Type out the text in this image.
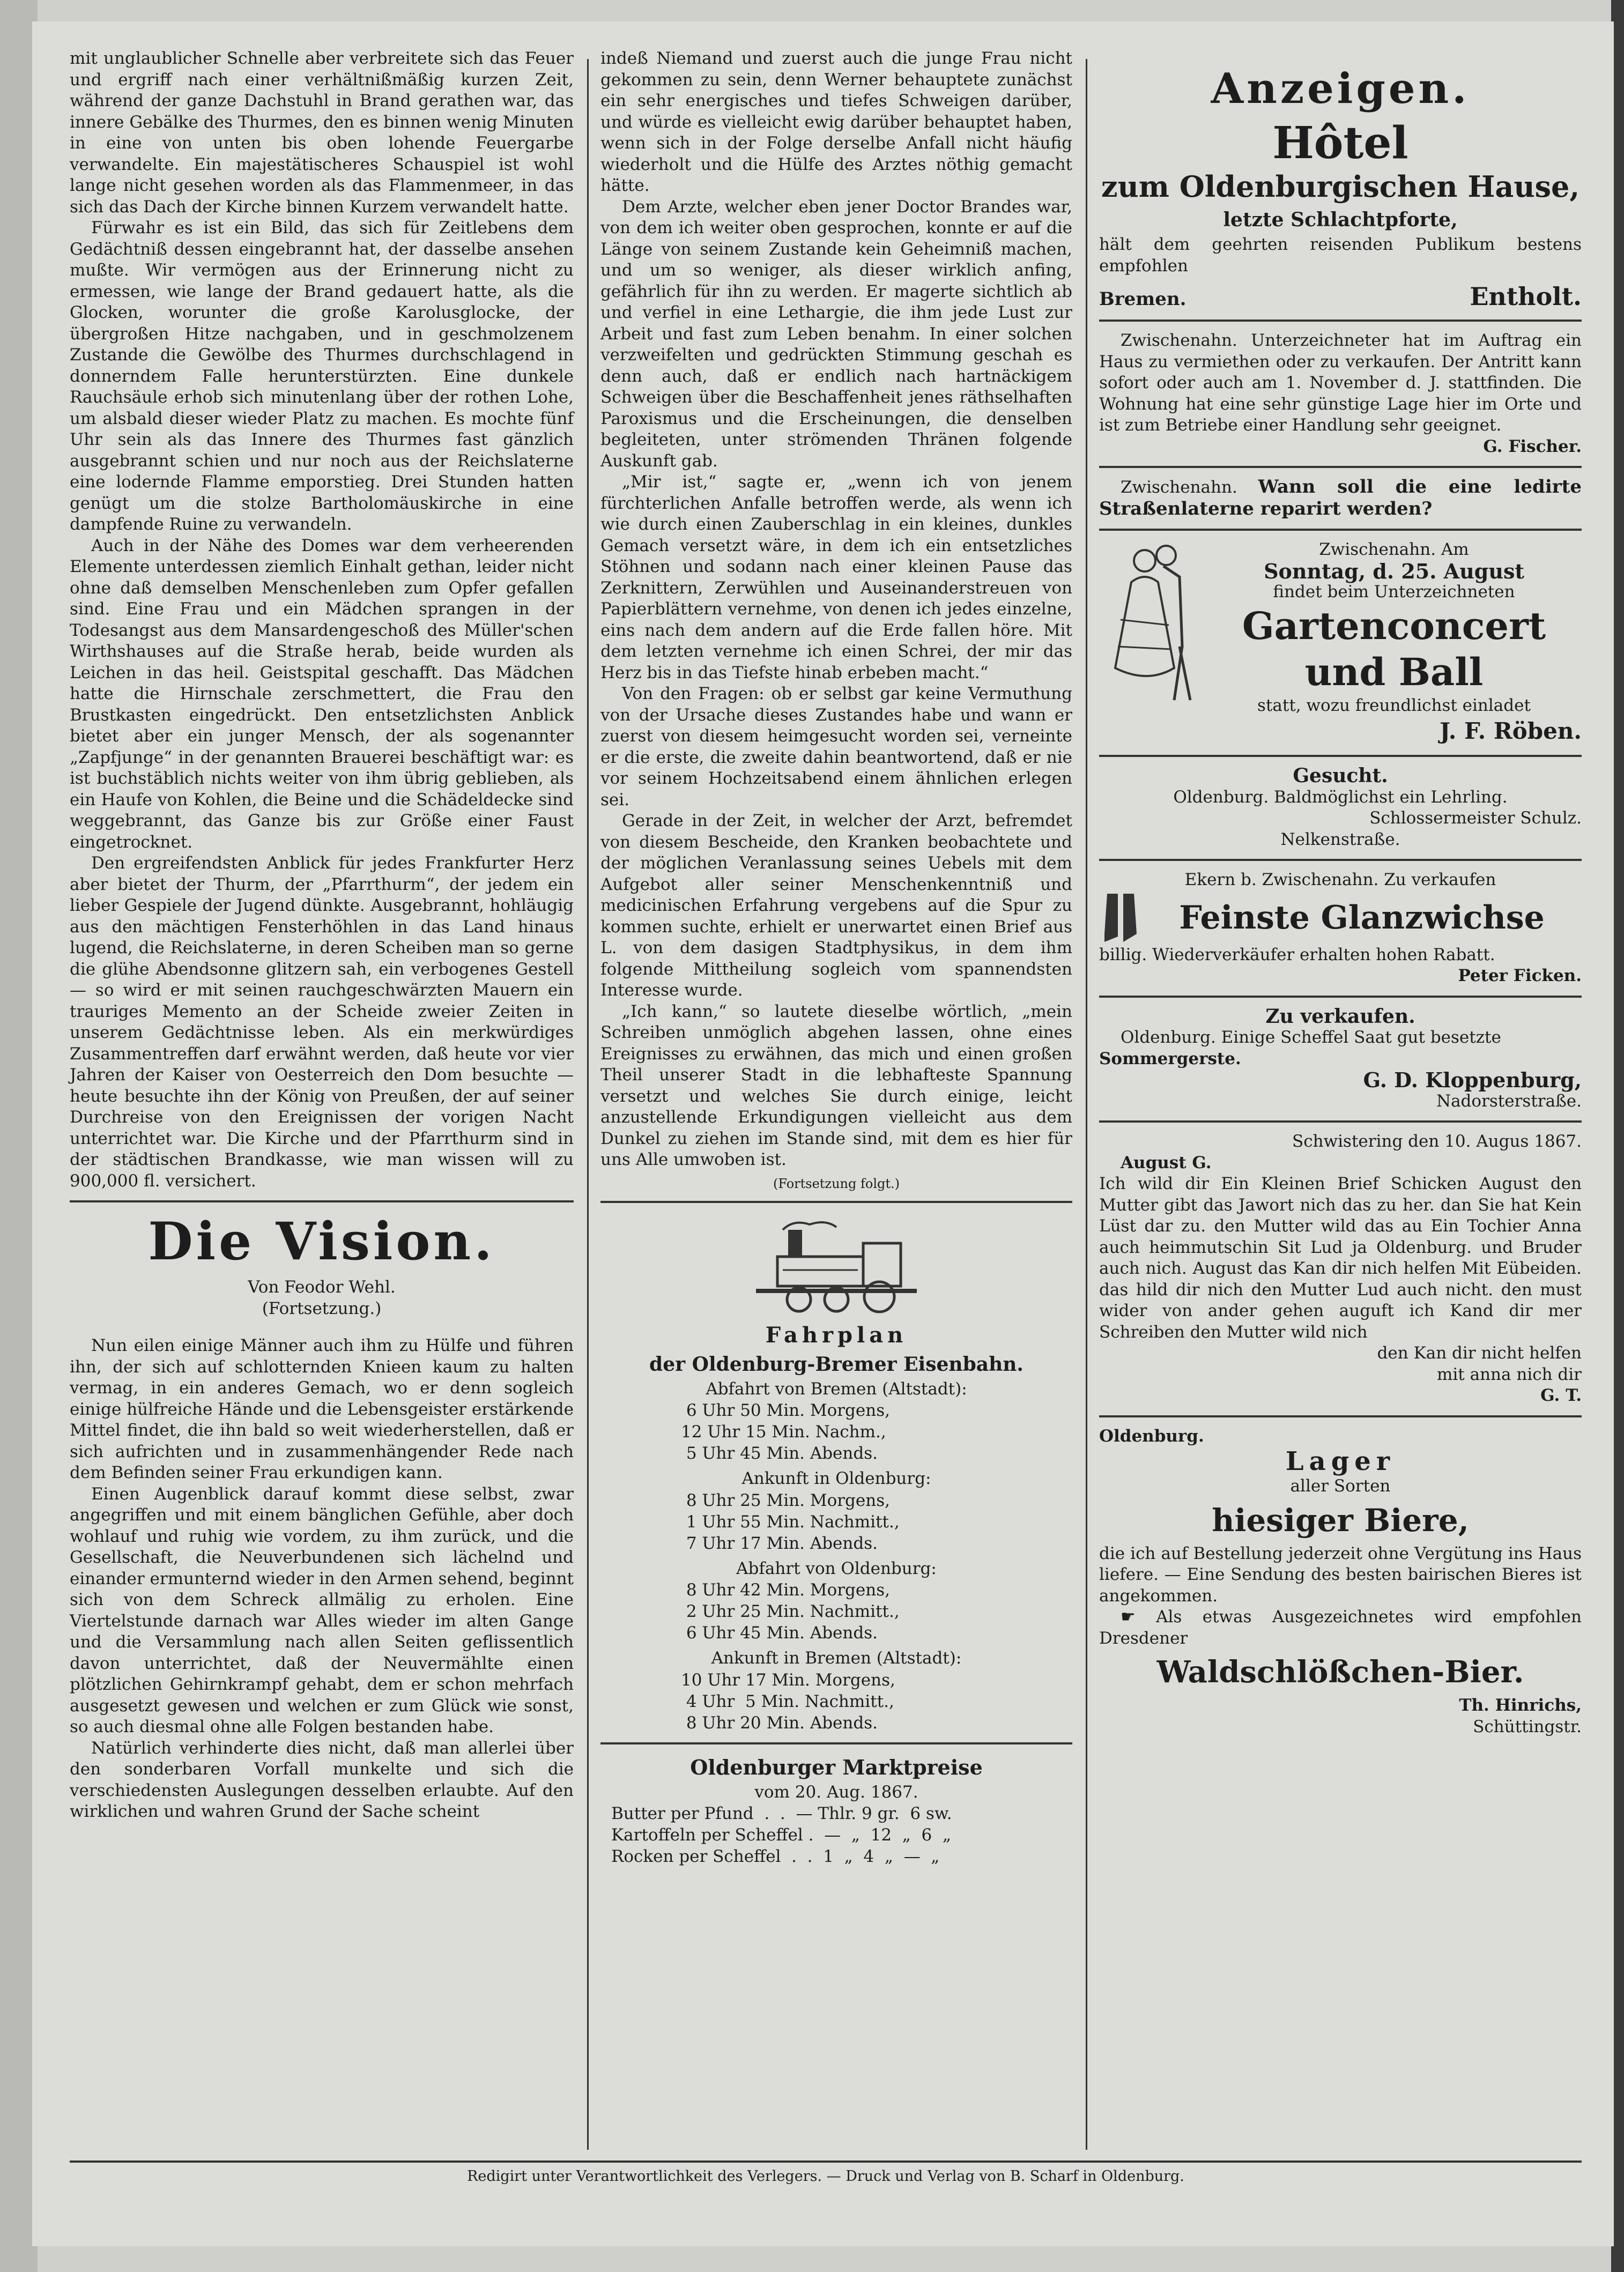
mit unglaublicher Schnelle aber verbreitete sich das Feuer und ergriff nach einer verhältnißmäßig kurzen Zeit, während der ganze Dachstuhl in Brand gerathen war, das innere Gebälke des Thurmes, den es binnen wenig Minuten in eine von unten bis oben lohende Feuergarbe verwandelte. Ein majestätischeres Schauspiel ist wohl lange nicht gesehen worden als das Flammenmeer, in das sich das Dach der Kirche binnen Kurzem verwandelt hatte.

Fürwahr es ist ein Bild, das sich für Zeitlebens dem Gedächtniß dessen eingebrannt hat, der dasselbe ansehen mußte. Wir vermögen aus der Erinnerung nicht zu ermessen, wie lange der Brand gedauert hatte, als die Glocken, worunter die große Karolusglocke, der übergroßen Hitze nachgaben, und in geschmolzenem Zustande die Gewölbe des Thurmes durchschlagend in donnerndem Falle herunterstürzten. Eine dunkele Rauchsäule erhob sich minutenlang über der rothen Lohe, um alsbald dieser wieder Platz zu machen. Es mochte fünf Uhr sein als das Innere des Thurmes fast gänzlich ausgebrannt schien und nur noch aus der Reichslaterne eine lodernde Flamme emporstieg. Drei Stunden hatten genügt um die stolze Bartholomäuskirche in eine dampfende Ruine zu verwandeln.

Auch in der Nähe des Domes war dem verheerenden Elemente unterdessen ziemlich Einhalt gethan, leider nicht ohne daß demselben Menschenleben zum Opfer gefallen sind. Eine Frau und ein Mädchen sprangen in der Todesangst aus dem Mansardengeschoß des Müller'schen Wirthshauses auf die Straße herab, beide wurden als Leichen in das heil. Geistspital geschafft. Das Mädchen hatte die Hirnschale zerschmettert, die Frau den Brustkasten eingedrückt. Den entsetzlichsten Anblick bietet aber ein junger Mensch, der als sogenannter „Zapfjunge“ in der genannten Brauerei beschäftigt war: es ist buchstäblich nichts weiter von ihm übrig geblieben, als ein Haufe von Kohlen, die Beine und die Schädeldecke sind weggebrannt, das Ganze bis zur Größe einer Faust eingetrocknet.

Den ergreifendsten Anblick für jedes Frankfurter Herz aber bietet der Thurm, der „Pfarrthurm“, der jedem ein lieber Gespiele der Jugend dünkte. Ausgebrannt, hohläugig aus den mächtigen Fensterhöhlen in das Land hinaus lugend, die Reichslaterne, in deren Scheiben man so gerne die glühe Abendsonne glitzern sah, ein verbogenes Gestell — so wird er mit seinen rauchgeschwärzten Mauern ein trauriges Memento an der Scheide zweier Zeiten in unserem Gedächtnisse leben. Als ein merkwürdiges Zusammentreffen darf erwähnt werden, daß heute vor vier Jahren der Kaiser von Oesterreich den Dom besuchte — heute besuchte ihn der König von Preußen, der auf seiner Durchreise von den Ereignissen der vorigen Nacht unterrichtet war. Die Kirche und der Pfarrthurm sind in der städtischen Brandkasse, wie man wissen will zu 900,000 fl. versichert.

Die Vision.

Von Feodor Wehl.

(Fortsetzung.)

Nun eilen einige Männer auch ihm zu Hülfe und führen ihn, der sich auf schlotternden Knieen kaum zu halten vermag, in ein anderes Gemach, wo er denn sogleich einige hülfreiche Hände und die Lebensgeister erstärkende Mittel findet, die ihn bald so weit wiederherstellen, daß er sich aufrichten und in zusammenhängender Rede nach dem Befinden seiner Frau erkundigen kann.

Einen Augenblick darauf kommt diese selbst, zwar angegriffen und mit einem bänglichen Gefühle, aber doch wohlauf und ruhig wie vordem, zu ihm zurück, und die Gesellschaft, die Neuverbundenen sich lächelnd und einander ermunternd wieder in den Armen sehend, beginnt sich von dem Schreck allmälig zu erholen. Eine Viertelstunde darnach war Alles wieder im alten Gange und die Versammlung nach allen Seiten geflissentlich davon unterrichtet, daß der Neuvermählte einen plötzlichen Gehirnkrampf gehabt, dem er schon mehrfach ausgesetzt gewesen und welchen er zum Glück wie sonst, so auch diesmal ohne alle Folgen bestanden habe.

Natürlich verhinderte dies nicht, daß man allerlei über den sonderbaren Vorfall munkelte und sich die verschiedensten Auslegungen desselben erlaubte. Auf den wirklichen und wahren Grund der Sache scheint

indeß Niemand und zuerst auch die junge Frau nicht gekommen zu sein, denn Werner behauptete zunächst ein sehr energisches und tiefes Schweigen darüber, und würde es vielleicht ewig darüber behauptet haben, wenn sich in der Folge derselbe Anfall nicht häufig wiederholt und die Hülfe des Arztes nöthig gemacht hätte.

Dem Arzte, welcher eben jener Doctor Brandes war, von dem ich weiter oben gesprochen, konnte er auf die Länge von seinem Zustande kein Geheimniß machen, und um so weniger, als dieser wirklich anfing, gefährlich für ihn zu werden. Er magerte sichtlich ab und verfiel in eine Lethargie, die ihm jede Lust zur Arbeit und fast zum Leben benahm. In einer solchen verzweifelten und gedrückten Stimmung geschah es denn auch, daß er endlich nach hartnäckigem Schweigen über die Beschaffenheit jenes räthselhaften Paroxismus und die Erscheinungen, die denselben begleiteten, unter strömenden Thränen folgende Auskunft gab.

„Mir ist,“ sagte er, „wenn ich von jenem fürchterlichen Anfalle betroffen werde, als wenn ich wie durch einen Zauberschlag in ein kleines, dunkles Gemach versetzt wäre, in dem ich ein entsetzliches Stöhnen und sodann nach einer kleinen Pause das Zerknittern, Zerwühlen und Auseinanderstreuen von Papierblättern vernehme, von denen ich jedes einzelne, eins nach dem andern auf die Erde fallen höre. Mit dem letzten vernehme ich einen Schrei, der mir das Herz bis in das Tiefste hinab erbeben macht.“

Von den Fragen: ob er selbst gar keine Vermuthung von der Ursache dieses Zustandes habe und wann er zuerst von diesem heimgesucht worden sei, verneinte er die erste, die zweite dahin beantwortend, daß er nie vor seinem Hochzeitsabend einem ähnlichen erlegen sei.

Gerade in der Zeit, in welcher der Arzt, befremdet von diesem Bescheide, den Kranken beobachtete und der möglichen Veranlassung seines Uebels mit dem Aufgebot aller seiner Menschenkenntniß und medicinischen Erfahrung vergebens auf die Spur zu kommen suchte, erhielt er unerwartet einen Brief aus L. von dem dasigen Stadtphysikus, in dem ihm folgende Mittheilung sogleich vom spannendsten Interesse wurde.

„Ich kann,“ so lautete dieselbe wörtlich, „mein Schreiben unmöglich abgehen lassen, ohne eines Ereignisses zu erwähnen, das mich und einen großen Theil unserer Stadt in die lebhafteste Spannung versetzt und welches Sie durch einige, leicht anzustellende Erkundigungen vielleicht aus dem Dunkel zu ziehen im Stande sind, mit dem es hier für uns Alle umwoben ist.

(Fortsetzung folgt.)

Fahrplan
der Oldenburg-Bremer Eisenbahn.

Abfahrt von Bremen (Altstadt):

6 Uhr 50 Min. Morgens,
12 Uhr 15 Min. Nachm.,
5 Uhr 45 Min. Abends.

Ankunft in Oldenburg:

8 Uhr 25 Min. Morgens,
1 Uhr 55 Min. Nachmitt.,
7 Uhr 17 Min. Abends.

Abfahrt von Oldenburg:

8 Uhr 42 Min. Morgens,
2 Uhr 25 Min. Nachmitt.,
6 Uhr 45 Min. Abends.

Ankunft in Bremen (Altstadt):

10 Uhr 17 Min. Morgens,
4 Uhr  5 Min. Nachmitt.,
8 Uhr 20 Min. Abends.
Oldenburger Marktpreise

vom 20. Aug. 1867.

Butter per Pfund  .  .  — Thlr. 9 gr.  6 sw.
Kartoffeln per Scheffel .  —  „  12  „  6  „
Rocken per Scheffel  .  .  1  „  4  „  —  „
Anzeigen.
Hôtel
zum Oldenburgischen Hause,
letzte Schlachtpforte,

hält dem geehrten reisenden Publikum bestens empfohlen

Bremen.	Entholt.

Zwischenahn. Unterzeichneter hat im Auftrag ein Haus zu vermiethen oder zu verkaufen. Der Antritt kann sofort oder auch am 1. November d. J. stattfinden. Die Wohnung hat eine sehr günstige Lage hier im Orte und ist zum Betriebe einer Handlung sehr geeignet.

G. Fischer.

Zwischenahn. Wann soll die eine ledirte Straßenlaterne reparirt werden?

Zwischenahn. Am

Sonntag, d. 25. August

findet beim Unterzeichneten

Gartenconcert
und Ball

statt, wozu freundlichst einladet

J. F. Röben.

Gesucht.

Oldenburg. Baldmöglichst ein Lehrling.

Schlossermeister Schulz.

Nelkenstraße.

Ekern b. Zwischenahn. Zu verkaufen

Feinste Glanzwichse

billig. Wiederverkäufer erhalten hohen Rabatt.

Peter Ficken.

Zu verkaufen.

Oldenburg. Einige Scheffel Saat gut besetzte

Sommergerste.

G. D. Kloppenburg,

Nadorsterstraße.

Schwistering den 10. Augus 1867.

August G.

Ich wild dir Ein Kleinen Brief Schicken August den Mutter gibt das Jawort nich das zu her. dan Sie hat Kein Lüst dar zu. den Mutter wild das au Ein Tochier Anna auch heimmutschin Sit Lud ja Oldenburg. und Bruder auch nich. August das Kan dir nich helfen Mit Eübeiden. das hild dir nich den Mutter Lud auch nicht. den must wider von ander gehen auguft ich Kand dir mer Schreiben den Mutter wild nich

den Kan dir nicht helfen

mit anna nich dir

G. T.

Oldenburg.

Lager

aller Sorten

hiesiger Biere,

die ich auf Bestellung jederzeit ohne Vergütung ins Haus liefere. — Eine Sendung des besten bairischen Bieres ist angekommen.

☛ Als etwas Ausgezeichnetes wird empfohlen Dresdener

Waldschlößchen-Bier.

Th. Hinrichs,

Schüttingstr.

Redigirt unter Verantwortlichkeit des Verlegers. — Druck und Verlag von B. Scharf in Oldenburg.
